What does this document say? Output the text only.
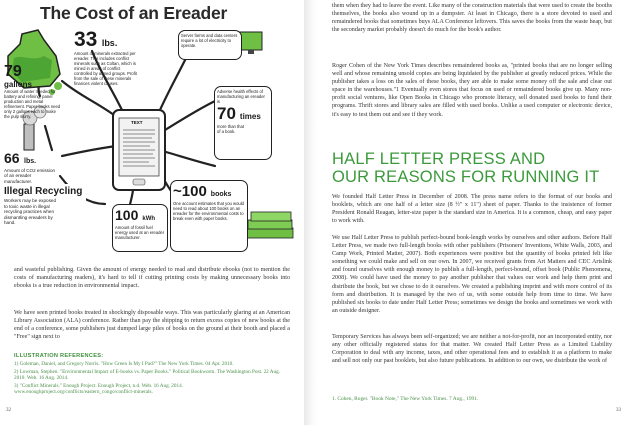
The Cost of an Ereader
79
gallons
Amount of water needed for battery and refining, panel production and metal refinement. Paper books need only 2 gallons each to make the pulp slurry.
33 lbs.
Amount of minerals extracted per ereader. This includes conflict minerals such as Coltan, which is mined in areas of conflict controlled by armed groups. Profit from the sale of these minerals finances violent causes.
Server farms and data centers require a lot of electricity to operate.
Adverse health effects of manufacturing an ereader is
70 times
more than that of a book.
66 lbs.
Amount of CO2 emission of an ereader manufacturer.
Illegal Recycling
Workers may be exposed to toxic waste in illegal recycling practices when dismantling ereaders by hand.	100 kWh
Amount of fossil fuel energy used at an ereader manufacturer.
~100 books
One account estimates that you would need to read about 100 books on an ereader for the environmental costs to break even with paper books.
TEXT

and wasteful publishing. Given the amount of energy needed to read and distribute ebooks (not to mention the costs of manufacturing readers), it's hard to tell if cutting printing costs by making unnecessary books into ebooks is a true reduction in environmental impact.

We have seen printed books treated in shockingly disposable ways. This was particularly glaring at an American Library Association (ALA) conference. Rather than pay the shipping to return excess copies of new books at the end of a conference, some publishers just dumped large piles of books on the ground at their booth and placed a "Free" sign next to

ILLUSTRATION REFERENCES:

1) Goleman, Daniel, and Gregory Norris. "How Green Is My I Pad?" The New York Times. 04 Apr. 2010.

2) Lowman, Stephen. "Environmental Impact of E-books vs. Paper Books." Political Bookworm. The Washington Post. 22 Aug. 2010. Web. 16 Aug. 2014.

3) "Conflict Minerals." Enough Project. Enough Project, n.d. Web. 16 Aug. 2014. www.enoughproject.org/conflicts/eastern_congo/conflict-minerals.

32

them when they had to leave the event. Like many of the construction materials that were used to create the booths themselves, the books also wound up in a dumpster. At least in Chicago, there is a store devoted to used and remaindered books that sometimes buys ALA Conference leftovers. This saves the books from the waste heap, but the secondary market probably doesn't do much for the book's author.

Roger Cohen of the New York Times describes remaindered books as, "printed books that are no longer selling well and whose remaining unsold copies are being liquidated by the publisher at greatly reduced prices. While the publisher takes a loss on the sales of these books, they are able to make some money off the sale and clear out space in the warehouses."1 Eventually even stores that focus on used or remaindered books give up. Many non-profit social ventures, like Open Books in Chicago who promote literacy, sell donated used books to fund their programs. Thrift stores and library sales are filled with used books. Unlike a used computer or electronic device, it's easy to test them out and see if they work.

HALF LETTER PRESS AND
OUR REASONS FOR RUNNING IT

We founded Half Letter Press in December of 2008. The press name refers to the format of our books and booklets, which are one half of a letter size (8 ½" x 11") sheet of paper. Thanks to the insistence of former President Ronald Reagan, letter-size paper is the standard size in America. It is a common, cheap, and easy paper to work with.

We use Half Letter Press to publish perfect-bound book-length works by ourselves and other authors. Before Half Letter Press, we made two full-length books with other publishers (Prisoners' Inventions, White Walls, 2003, and Camp Work, Printed Matter, 2007). Both experiences were positive but the quantity of books printed felt like something we could make and sell on our own. In 2007, we received grants from Art Matters and CEC Artslink and found ourselves with enough money to publish a full-length, perfect-bound, offset book (Public Phenomena, 2008). We could have used the money to pay another publisher that values our work and help them print and distribute the book, but we chose to do it ourselves. We created a publishing imprint and with more control of its form and distribution. It is managed by the two of us, with some outside help from time to time. We have published six books to date under Half Letter Press; sometimes we design the books and sometimes we work with an outside designer.

Temporary Services has always been self-organized; we are neither a not-for-profit, nor an incorporated entity, nor any other officially registered status for that matter. We created Half Letter Press as a Limited Liability Corporation to deal with any income, taxes, and other operational fees and to establish it as a platform to make and sell not only our past booklets, but also future publications. In addition to our own, we distribute the work of

1. Cohen, Roger. "Book Note," The New York Times. 7 Aug., 1991.
33
